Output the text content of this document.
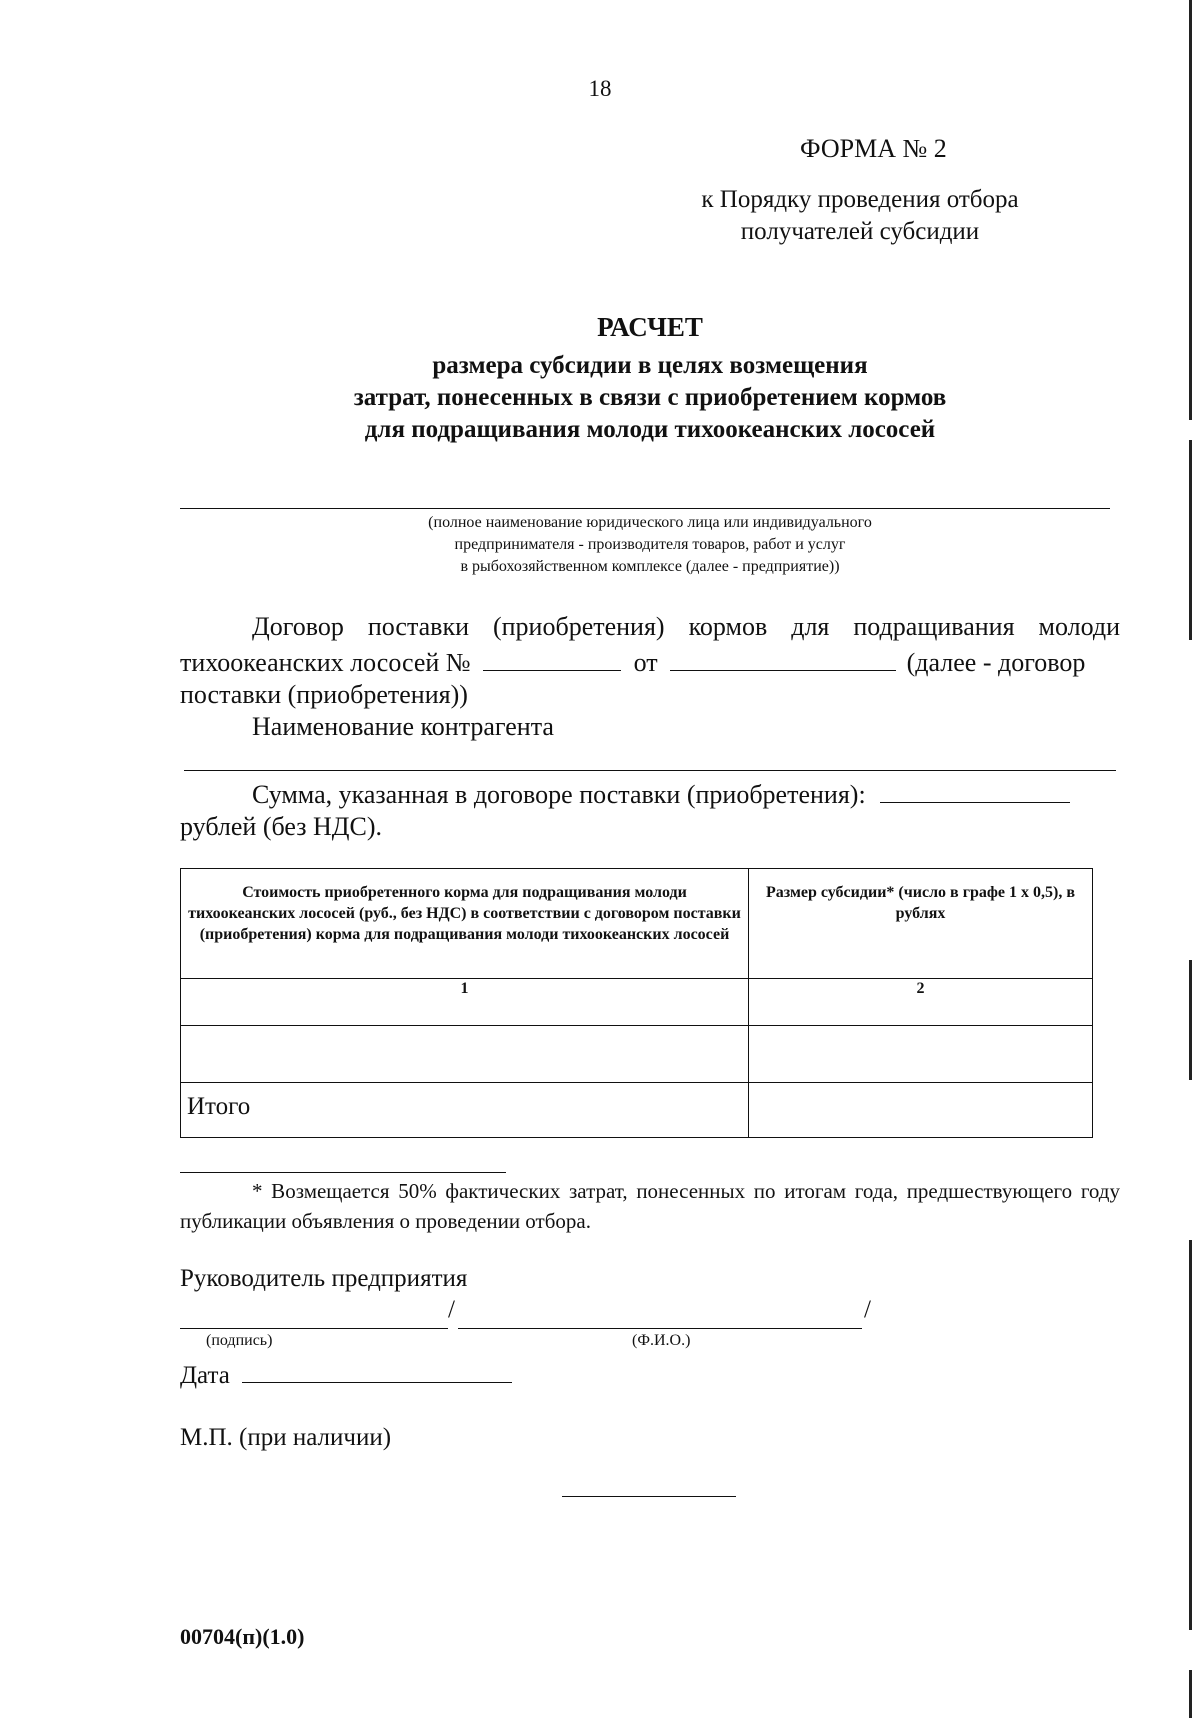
18
ФОРМА № 2
к Порядку проведения отбора
получателей субсидии
РАСЧЕТ
размера субсидии в целях возмещения
затрат, понесенных в связи с приобретением кормов
для подращивания молоди тихоокеанских лососей
(полное наименование юридического лица или индивидуального
предпринимателя - производителя товаров, работ и услуг
в рыбохозяйственном комплексе (далее - предприятие))
Договор поставки (приобретения) кормов для подращивания молоди
тихоокеанских лососей №	от	(далее - договор
поставки (приобретения))
Наименование контрагента
Сумма, указанная в договоре поставки (приобретения):
рублей (без НДС).
Стоимость приобретенного корма для подращивания молоди тихоокеанских лососей (руб., без НДС) в соответствии с договором поставки (приобретения) корма для подращивания молоди тихоокеанских лососей	Размер субсидии* (число в графе 1 x 0,5), в рублях
1	2

Итого	
* Возмещается 50% фактических затрат, понесенных по итогам года, предшествующего году публикации объявления о проведении отбора.
Руководитель предприятия
/	/
(подпись)	(Ф.И.О.)
Дата
М.П. (при наличии)
00704(п)(1.0)
